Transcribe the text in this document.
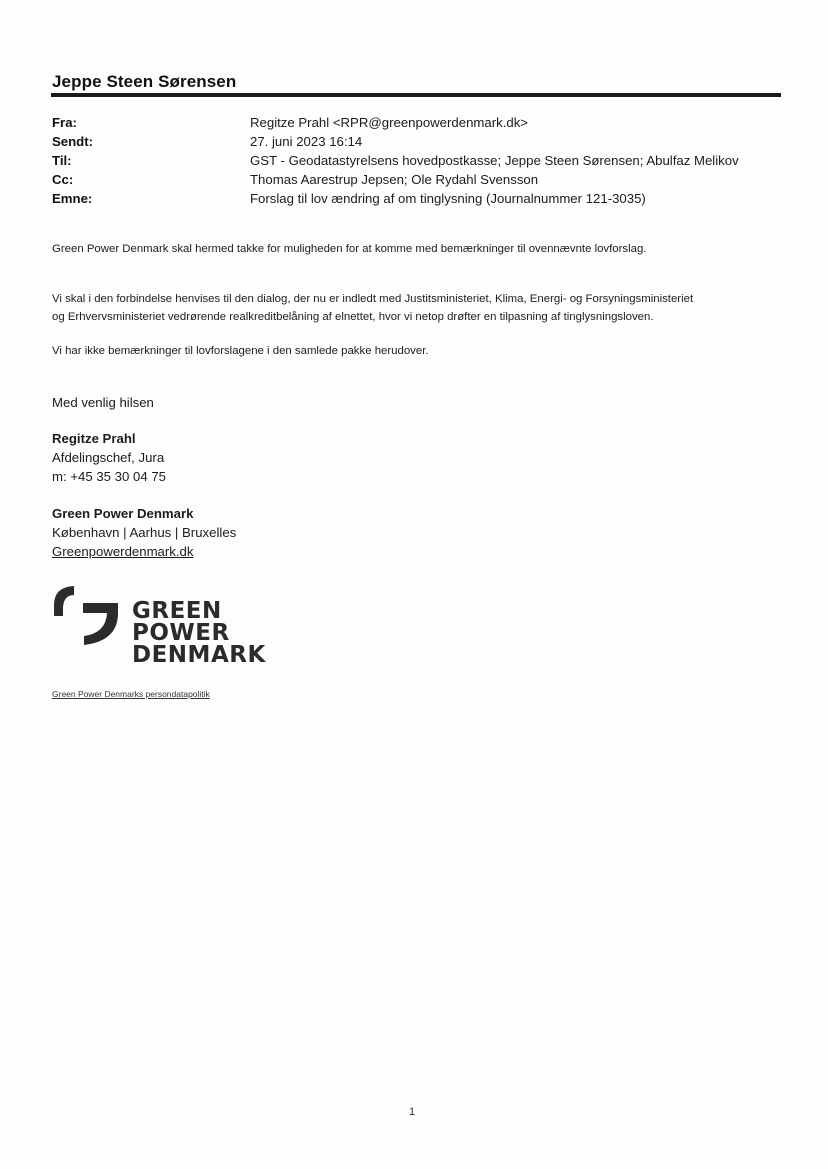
Jeppe Steen Sørensen
Fra:	Regitze Prahl <RPR@greenpowerdenmark.dk>
Sendt:	27. juni 2023 16:14
Til:	GST - Geodatastyrelsens hovedpostkasse; Jeppe Steen Sørensen; Abulfaz Melikov
Cc:	Thomas Aarestrup Jepsen; Ole Rydahl Svensson
Emne:	Forslag til lov ændring af om tinglysning (Journalnummer 121-3035)
Green Power Denmark skal hermed takke for muligheden for at komme med bemærkninger til ovennævnte lovforslag.
Vi skal i den forbindelse henvises til den dialog, der nu er indledt med Justitsministeriet, Klima, Energi- og Forsyningsministeriet
og Erhvervsministeriet vedrørende realkreditbelåning af elnettet, hvor vi netop drøfter en tilpasning af tinglysningsloven.
Vi har ikke bemærkninger til lovforslagene i den samlede pakke herudover.
Med venlig hilsen
Regitze Prahl
Afdelingschef, Jura
m: +45 35 30 04 75
Green Power Denmark
København | Aarhus | Bruxelles
Greenpowerdenmark.dk
GREEN
POWER
DENMARK
Green Power Denmarks persondatapolitik
1
